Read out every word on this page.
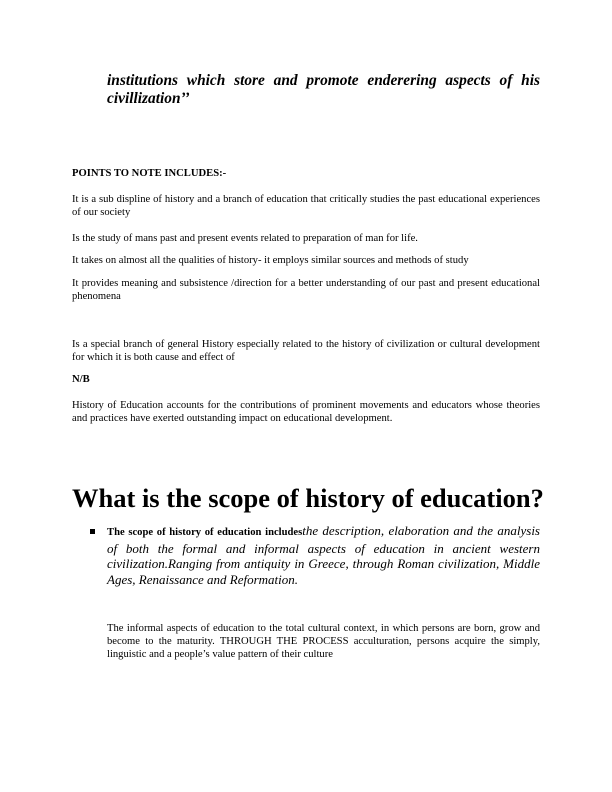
institutions which store and promote enderering aspects of his civillization’’
POINTS TO NOTE INCLUDES:-
It is a sub displine of history and a branch of education that critically studies the past educational experiences of our society
Is the study of mans past and present events related to preparation of man for life.
It takes on almost all the qualities of history- it employs similar sources and methods of study
It provides meaning and subsistence /direction for a better understanding of our past and present educational phenomena
Is a special branch of general History especially related to the history of civilization or cultural development for which it is both cause and effect of
N/B
History of Education accounts for the contributions of prominent movements and educators whose theories and practices have exerted outstanding impact on educational development.
What is the scope of history of education?
The scope of history of education includesthe description, elaboration and the analysis of both the formal and informal aspects of education in ancient western civilization.Ranging from antiquity in Greece, through Roman civilization, Middle Ages, Renaissance and Reformation.
The informal aspects of education to the total cultural context, in which persons are born, grow and become to the maturity. THROUGH THE PROCESS acculturation, persons acquire the simply, linguistic and a people’s value pattern of their culture
